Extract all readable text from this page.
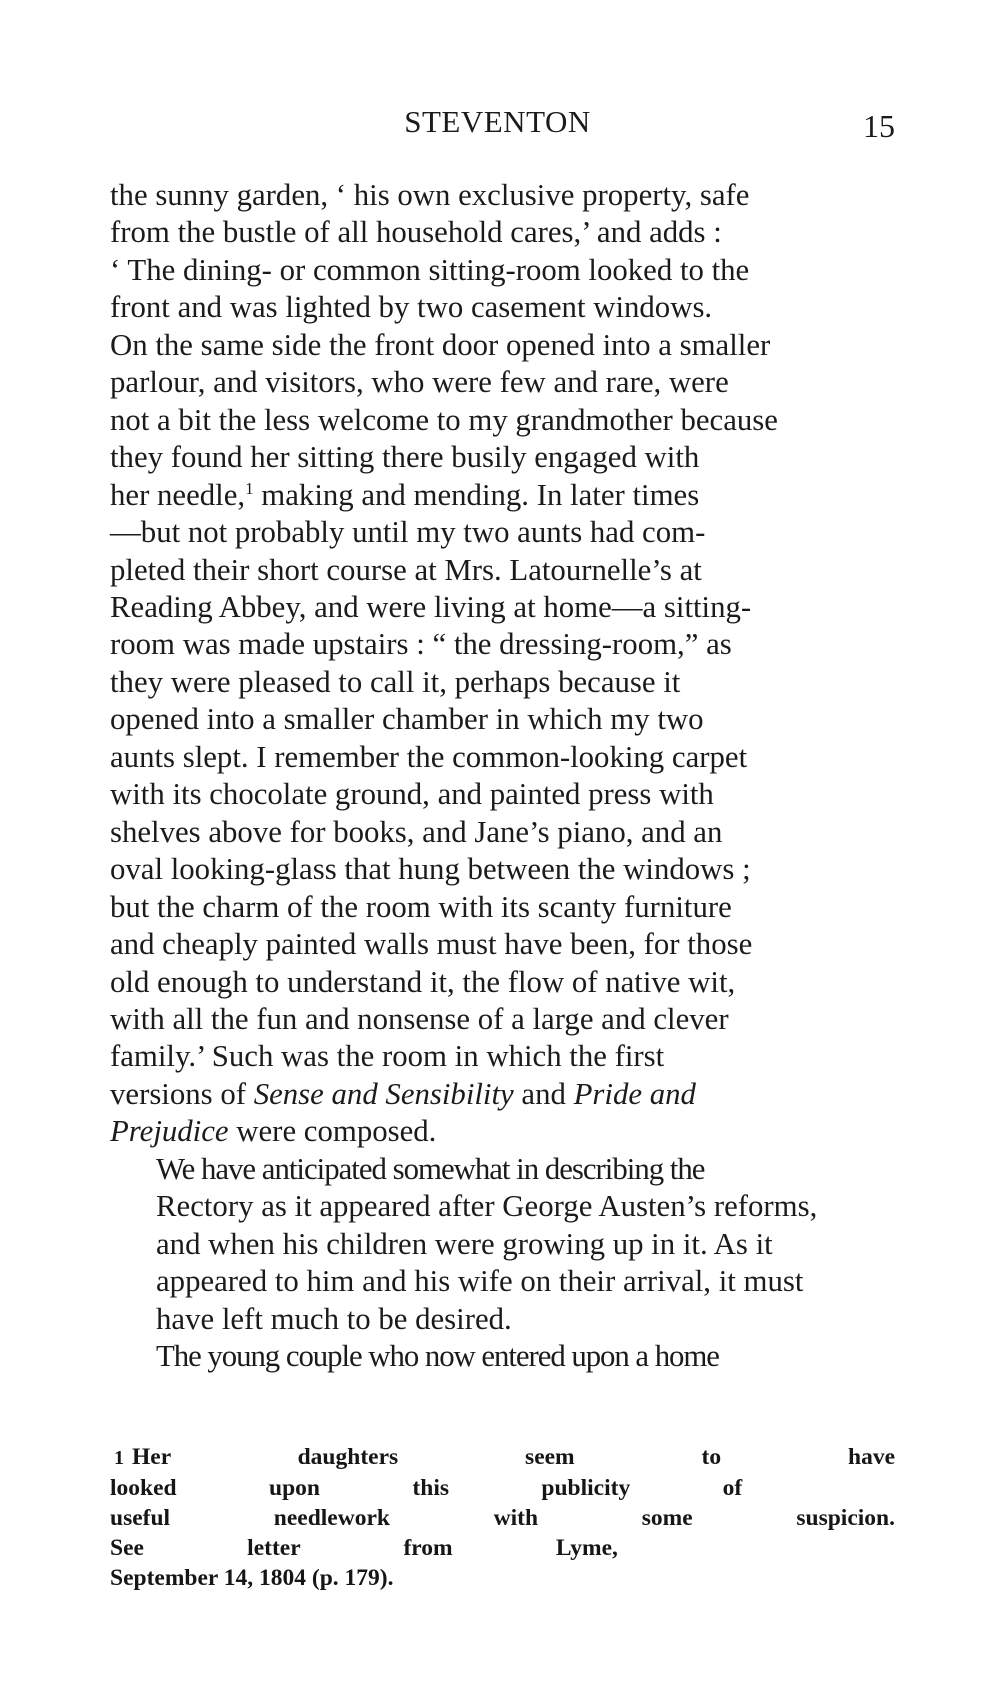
STEVENTON	15

the sunny garden, ‘ his own exclusive property, safe
from the bustle of all household cares,’ and adds :
‘ The dining- or common sitting-room looked to the
front and was lighted by two casement windows.
On the same side the front door opened into a smaller
parlour, and visitors, who were few and rare, were
not a bit the less welcome to my grandmother because
they found her sitting there busily engaged with
her needle,$^1$ making and mending. In later times
—but not probably until my two aunts had com-
pleted their short course at Mrs. Latournelle’s at
Reading Abbey, and were living at home—a sitting-
room was made upstairs : “ the dressing-room,” as
they were pleased to call it, perhaps because it
opened into a smaller chamber in which my two
aunts slept. I remember the common-looking carpet
with its chocolate ground, and painted press with
shelves above for books, and Jane’s piano, and an
oval looking-glass that hung between the windows ;
but the charm of the room with its scanty furniture
and cheaply painted walls must have been, for those
old enough to understand it, the flow of native wit,
with all the fun and nonsense of a large and clever
family.’ Such was the room in which the first
versions of Sense and Sensibility and Pride and
Prejudice were composed.

We have anticipated somewhat in describing the
Rectory as it appeared after George Austen’s reforms,
and when his children were growing up in it. As it
appeared to him and his wife on their arrival, it must
have left much to be desired.

The young couple who now entered upon a home

1 Her daughters seem to have looked upon this publicity of
useful needlework with some suspicion. See letter from Lyme,
September 14, 1804 (p. 179).
